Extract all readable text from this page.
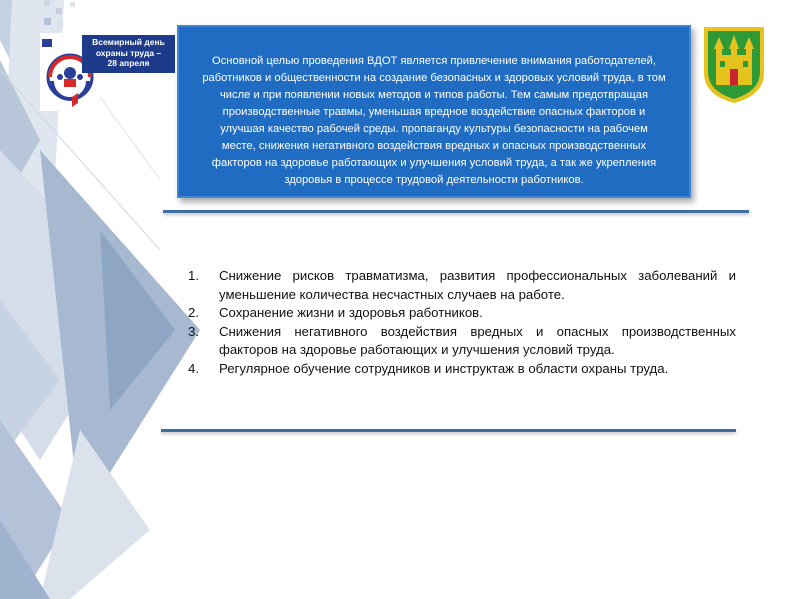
Всемирный день
охраны труда –
28 апреля	Основной целью проведения ВДОТ является привлечение внимания работодателей,
работников и общественности на создание безопасных и здоровых условий труда, в том
числе и при появлении новых методов и типов работы. Тем самым предотвращая
производственные травмы, уменьшая вредное воздействие опасных факторов и
улучшая качество рабочей среды. пропаганду культуры безопасности на рабочем
месте, снижения негативного воздействия вредных и опасных производственных
факторов на здоровье работающих и улучшения условий труда, а так же укрепления
здоровья в процессе трудовой деятельности работников.
1.	Снижение рисков травматизма, развития профессиональных заболеваний и
уменьшение количества несчастных случаев на работе.
2.	Сохранение жизни и здоровья работников.
3.	Снижения негативного воздействия вредных и опасных производственных
факторов на здоровье работающих и улучшения условий труда.
4.	Регулярное обучение сотрудников и инструктаж в области охраны труда.
